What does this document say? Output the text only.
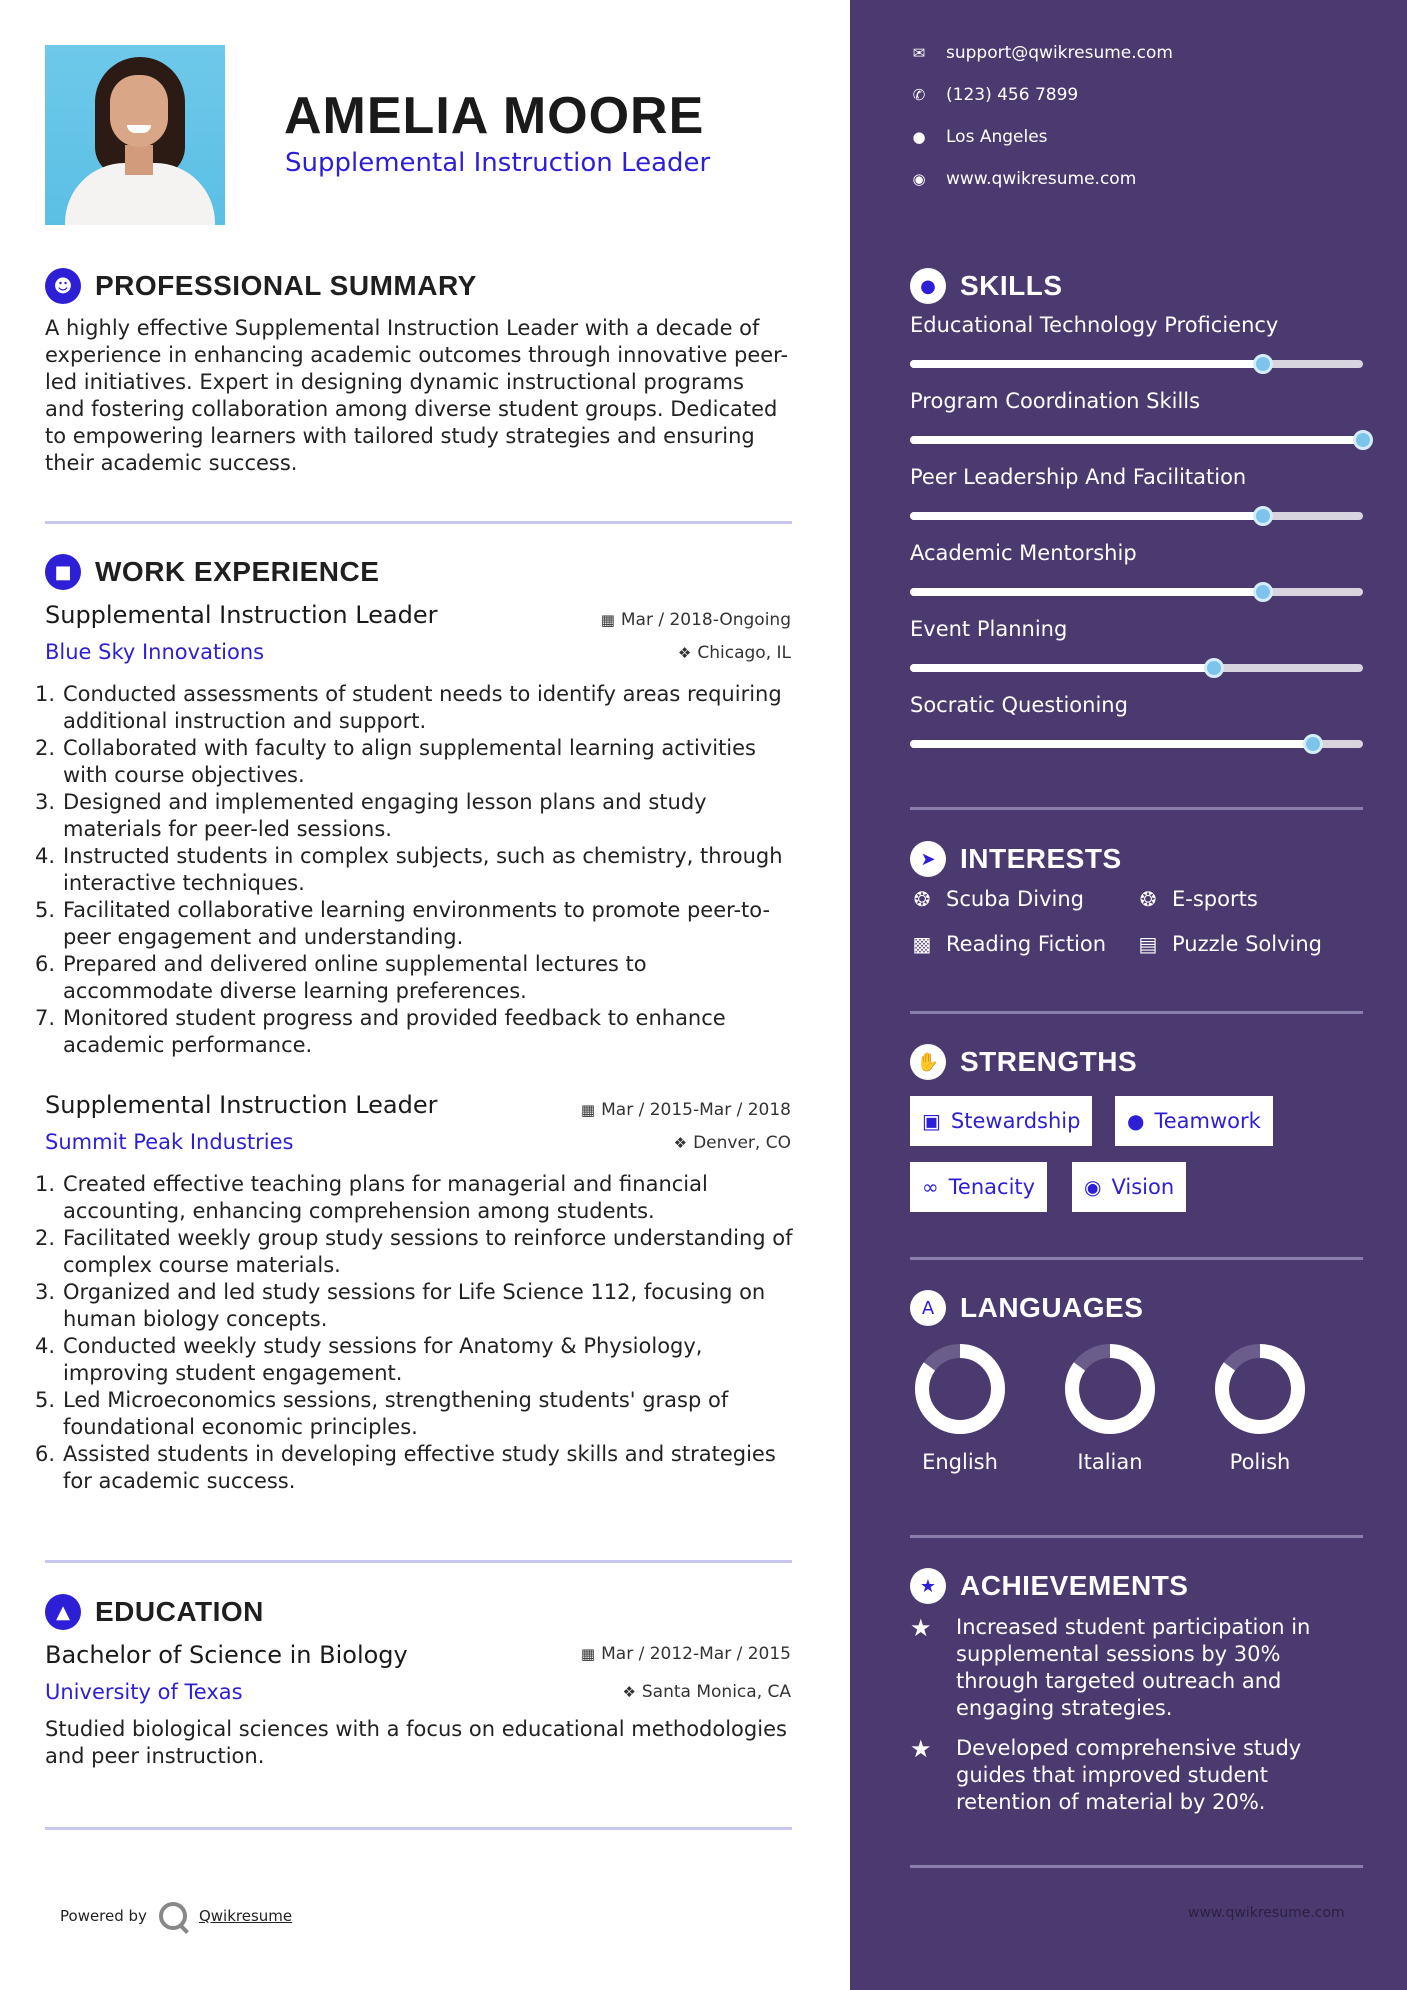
AMELIA MOORE
Supplemental Instruction Leader
☻ PROFESSIONAL SUMMARY
A highly effective Supplemental Instruction Leader with a decade of experience in enhancing academic outcomes through innovative peer-led initiatives. Expert in designing dynamic instructional programs and fostering collaboration among diverse student groups. Dedicated to empowering learners with tailored study strategies and ensuring their academic success.
■ WORK EXPERIENCE
Supplemental Instruction Leader	▦ Mar / 2018-Ongoing
Blue Sky Innovations	❖ Chicago, IL
1. Conducted assessments of student needs to identify areas requiring additional instruction and support.
2. Collaborated with faculty to align supplemental learning activities with course objectives.
3. Designed and implemented engaging lesson plans and study materials for peer-led sessions.
4. Instructed students in complex subjects, such as chemistry, through interactive techniques.
5. Facilitated collaborative learning environments to promote peer-to-peer engagement and understanding.
6. Prepared and delivered online supplemental lectures to accommodate diverse learning preferences.
7. Monitored student progress and provided feedback to enhance academic performance.
Supplemental Instruction Leader	▦ Mar / 2015-Mar / 2018
Summit Peak Industries	❖ Denver, CO
1. Created effective teaching plans for managerial and financial accounting, enhancing comprehension among students.
2. Facilitated weekly group study sessions to reinforce understanding of complex course materials.
3. Organized and led study sessions for Life Science 112, focusing on human biology concepts.
4. Conducted weekly study sessions for Anatomy & Physiology, improving student engagement.
5. Led Microeconomics sessions, strengthening students' grasp of foundational economic principles.
6. Assisted students in developing effective study skills and strategies for academic success.
▲ EDUCATION
Bachelor of Science in Biology	▦ Mar / 2012-Mar / 2015
University of Texas	❖ Santa Monica, CA
Studied biological sciences with a focus on educational methodologies and peer instruction.
Powered by	Qwikresume
✉ support@qwikresume.com
✆ (123) 456 7899
● Los Angeles
◉ www.qwikresume.com
● SKILLS
Educational Technology Proficiency
Program Coordination Skills
Peer Leadership And Facilitation
Academic Mentorship
Event Planning
Socratic Questioning
➤ INTERESTS
❂ Scuba Diving	❂ E-sports
▩ Reading Fiction ▤ Puzzle Solving
✋ STRENGTHS
▣ Stewardship ● Teamwork
∞ Tenacity ◉ Vision
A LANGUAGES
English	Italian	Polish
★ ACHIEVEMENTS
★	Increased student participation in supplemental sessions by 30% through targeted outreach and engaging strategies.
★	Developed comprehensive study guides that improved student retention of material by 20%.
www.qwikresume.com
